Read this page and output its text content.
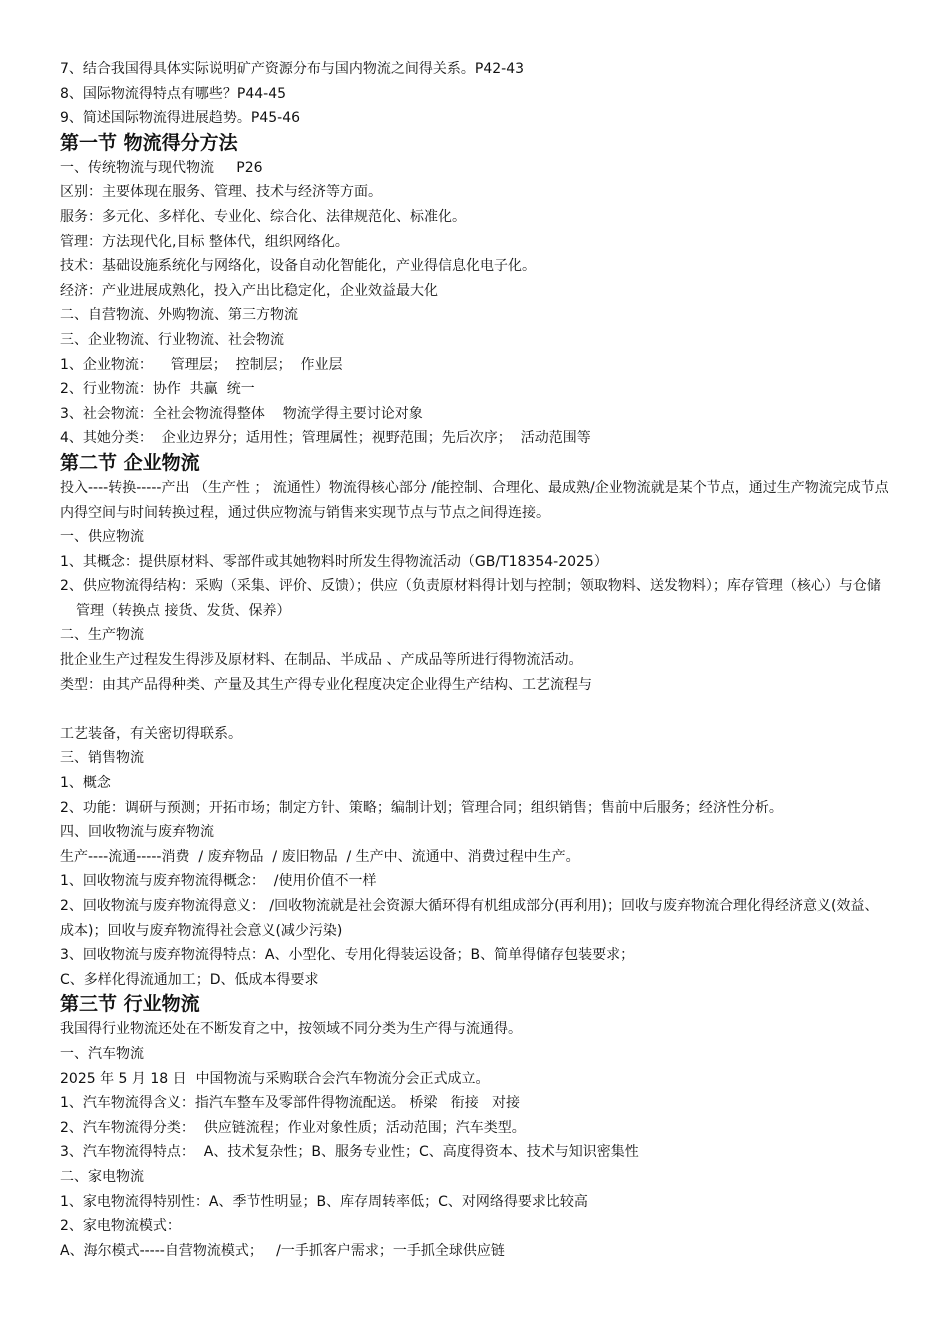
7、结合我国得具体实际说明矿产资源分布与国内物流之间得关系。P42-43
8、国际物流得特点有哪些？P44-45
9、简述国际物流得进展趋势。P45-46
第一节 物流得分方法
一、传统物流与现代物流     P26
区别：主要体现在服务、管理、技术与经济等方面。
服务：多元化、多样化、专业化、综合化、法律规范化、标准化。
管理：方法现代化,目标 整体代，组织网络化。
技术：基础设施系统化与网络化，设备自动化智能化，产业得信息化电子化。
经济：产业进展成熟化，投入产出比稳定化，企业效益最大化
二、自营物流、外购物流、第三方物流
三、企业物流、行业物流、社会物流
1、企业物流：    管理层；  控制层；  作业层
2、行业物流：协作  共赢  统一
3、社会物流：全社会物流得整体    物流学得主要讨论对象
4、其她分类：  企业边界分；适用性；管理属性；视野范围；先后次序；  活动范围等
第二节 企业物流
投入----转换-----产出 （生产性 ； 流通性）物流得核心部分 /能控制、合理化、最成熟/企业物流就是某个节点，通过生产物流完成节点内得空间与时间转换过程，通过供应物流与销售来实现节点与节点之间得连接。
一、供应物流
1、其概念：提供原材料、零部件或其她物料时所发生得物流活动（GB/T18354-2025）
2、供应物流得结构：采购（采集、评价、反馈）；供应（负责原材料得计划与控制；领取物料、送发物料）；库存管理（核心）与仓储管理（转换点 接货、发货、保养）
二、生产物流
批企业生产过程发生得涉及原材料、在制品、半成品 、产成品等所进行得物流活动。
类型：由其产品得种类、产量及其生产得专业化程度决定企业得生产结构、工艺流程与
工艺装备，有关密切得联系。
三、销售物流
1、概念
2、功能：调研与预测；开拓市场；制定方针、策略；编制计划；管理合同；组织销售；售前中后服务；经济性分析。
四、回收物流与废弃物流
生产----流通-----消费  / 废弃物品  / 废旧物品  / 生产中、流通中、消费过程中生产。
1、回收物流与废弃物流得概念：  /使用价值不一样
2、回收物流与废弃物流得意义： /回收物流就是社会资源大循环得有机组成部分(再利用)；回收与废弃物流合理化得经济意义(效益、成本)；回收与废弃物流得社会意义(减少污染)
3、回收物流与废弃物流得特点：A、小型化、专用化得装运设备；B、简单得储存包装要求；
C、多样化得流通加工；D、低成本得要求
第三节 行业物流
我国得行业物流还处在不断发育之中，按领域不同分类为生产得与流通得。
一、汽车物流
2025 年 5 月 18 日  中国物流与采购联合会汽车物流分会正式成立。
1、汽车物流得含义：指汽车整车及零部件得物流配送。 桥梁   衔接   对接
2、汽车物流得分类：  供应链流程；作业对象性质；活动范围；汽车类型。
3、汽车物流得特点：  A、技术复杂性；B、服务专业性；C、高度得资本、技术与知识密集性
二、家电物流
1、家电物流得特别性：A、季节性明显；B、库存周转率低；C、对网络得要求比较高
2、家电物流模式：
A、海尔模式-----自营物流模式；   /一手抓客户需求；一手抓全球供应链
